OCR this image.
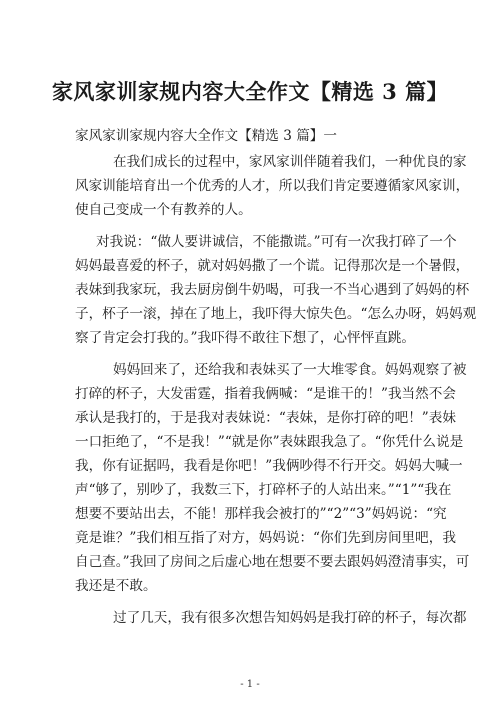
家风家训家规内容大全作文【精选 3 篇】
家风家训家规内容大全作文【精选 3 篇】一
在我们成长的过程中，家风家训伴随着我们，一种优良的家
风家训能培育出一个优秀的人才，所以我们肯定要遵循家风家训，
使自己变成一个有教养的人。
对我说：“做人要讲诚信，不能撒谎。”可有一次我打碎了一个
妈妈最喜爱的杯子，就对妈妈撒了一个谎。记得那次是一个暑假，
表妹到我家玩，我去厨房倒牛奶喝，可我一不当心遇到了妈妈的杯
子，杯子一滚，掉在了地上，我吓得大惊失色。“怎么办呀，妈妈观
察了肯定会打我的。”我吓得不敢往下想了，心怦怦直跳。
妈妈回来了，还给我和表妹买了一大堆零食。妈妈观察了被
打碎的杯子，大发雷霆，指着我俩喊：“是谁干的！”我当然不会
承认是我打的，于是我对表妹说：“表妹，是你打碎的吧！”表妹
一口拒绝了，“不是我！”“就是你”表妹跟我急了。“你凭什么说是
我，你有证据吗，我看是你吧！”我俩吵得不行开交。妈妈大喊一
声“够了，别吵了，我数三下，打碎杯子的人站出来。”“1”“我在
想要不要站出去，不能！那样我会被打的”“2”“3”妈妈说：“究
竟是谁？”我们相互指了对方，妈妈说：“你们先到房间里吧，我
自己查。”我回了房间之后虚心地在想要不要去跟妈妈澄清事实，可
我还是不敢。
过了几天，我有很多次想告知妈妈是我打碎的杯子，每次都
- 1 -
